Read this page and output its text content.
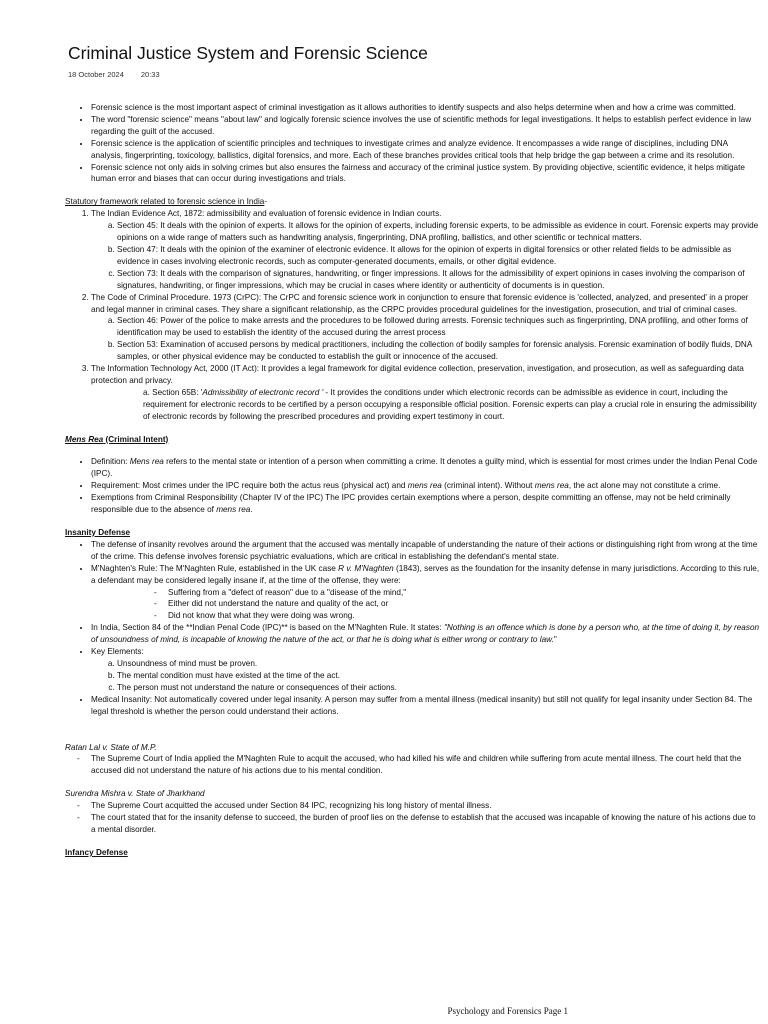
Criminal Justice System and Forensic Science
18 October 2024 20:33
• Forensic science is the most important aspect of criminal investigation as it allows authorities to identify suspects and also helps determine when and how a crime was committed.
• The word "forensic science" means "about law" and logically forensic science involves the use of scientific methods for legal investigations. It helps to establish perfect evidence in law regarding the guilt of the accused.
• Forensic science is the application of scientific principles and techniques to investigate crimes and analyze evidence. It encompasses a wide range of disciplines, including DNA analysis, fingerprinting, toxicology, ballistics, digital forensics, and more. Each of these branches provides critical tools that help bridge the gap between a crime and its resolution.
• Forensic science not only aids in solving crimes but also ensures the fairness and accuracy of the criminal justice system. By providing objective, scientific evidence, it helps mitigate human error and biases that can occur during investigations and trials.
Statutory framework related to forensic science in India-
1. The Indian Evidence Act, 1872: admissibility and evaluation of forensic evidence in Indian courts.
a. Section 45: It deals with the opinion of experts. It allows for the opinion of experts, including forensic experts, to be admissible as evidence in court. Forensic experts may provide opinions on a wide range of matters such as handwriting analysis, fingerprinting, DNA profiling, ballistics, and other scientific or technical matters.
b. Section 47: It deals with the opinion of the examiner of electronic evidence. It allows for the opinion of experts in digital forensics or other related fields to be admissible as evidence in cases involving electronic records, such as computer-generated documents, emails, or other digital evidence.
c. Section 73: It deals with the comparison of signatures, handwriting, or finger impressions. It allows for the admissibility of expert opinions in cases involving the comparison of signatures, handwriting, or finger impressions, which may be crucial in cases where identity or authenticity of documents is in question.
2. The Code of Criminal Procedure. 1973 (CrPC): The CrPC and forensic science work in conjunction to ensure that forensic evidence is 'collected, analyzed, and presented' in a proper and legal manner in criminal cases. They share a significant relationship, as the CRPC provides procedural guidelines for the investigation, prosecution, and trial of criminal cases.
a. Section 46: Power of the police to make arrests and the procedures to be followed during arrests. Forensic techniques such as fingerprinting, DNA profiling, and other forms of identification may be used to establish the identity of the accused during the arrest process
b. Section 53: Examination of accused persons by medical practitioners, including the collection of bodily samples for forensic analysis. Forensic examination of bodily fluids, DNA samples, or other physical evidence may be conducted to establish the guilt or innocence of the accused.
3. The Information Technology Act, 2000 (IT Act): It provides a legal framework for digital evidence collection, preservation, investigation, and prosecution, as well as safeguarding data protection and privacy.
a. Section 65B: 'Admissibility of electronic record ' - It provides the conditions under which electronic records can be admissible as evidence in court, including the requirement for electronic records to be certified by a person occupying a responsible official position. Forensic experts can play a crucial role in ensuring the admissibility of electronic records by following the prescribed procedures and providing expert testimony in court.
Mens Rea (Criminal Intent)
• Definition: Mens rea refers to the mental state or intention of a person when committing a crime. It denotes a guilty mind, which is essential for most crimes under the Indian Penal Code (IPC).
• Requirement: Most crimes under the IPC require both the actus reus (physical act) and mens rea (criminal intent). Without mens rea, the act alone may not constitute a crime.
• Exemptions from Criminal Responsibility (Chapter IV of the IPC) The IPC provides certain exemptions where a person, despite committing an offense, may not be held criminally responsible due to the absence of mens rea.
Insanity Defense
• The defense of insanity revolves around the argument that the accused was mentally incapable of understanding the nature of their actions or distinguishing right from wrong at the time of the crime. This defense involves forensic psychiatric evaluations, which are critical in establishing the defendant's mental state.
• M'Naghten's Rule: The M'Naghten Rule, established in the UK case R v. M'Naghten (1843), serves as the foundation for the insanity defense in many jurisdictions. According to this rule, a defendant may be considered legally insane if, at the time of the offense, they were:
- Suffering from a "defect of reason" due to a "disease of the mind,"
- Either did not understand the nature and quality of the act, or
- Did not know that what they were doing was wrong.
• In India, Section 84 of the **Indian Penal Code (IPC)** is based on the M'Naghten Rule. It states: "Nothing is an offence which is done by a person who, at the time of doing it, by reason of unsoundness of mind, is incapable of knowing the nature of the act, or that he is doing what is either wrong or contrary to law."
• Key Elements:
a. Unsoundness of mind must be proven.
b. The mental condition must have existed at the time of the act.
c. The person must not understand the nature or consequences of their actions.
• Medical Insanity: Not automatically covered under legal insanity. A person may suffer from a mental illness (medical insanity) but still not qualify for legal insanity under Section 84. The legal threshold is whether the person could understand their actions.
Ratan Lal v. State of M.P.
- The Supreme Court of India applied the M'Naghten Rule to acquit the accused, who had killed his wife and children while suffering from acute mental illness. The court held that the accused did not understand the nature of his actions due to his mental condition.
Surendra Mishra v. State of Jharkhand
- The Supreme Court acquitted the accused under Section 84 IPC, recognizing his long history of mental illness.
- The court stated that for the insanity defense to succeed, the burden of proof lies on the defense to establish that the accused was incapable of knowing the nature of his actions due to a mental disorder.
Infancy Defense
Psychology and Forensics Page 1
